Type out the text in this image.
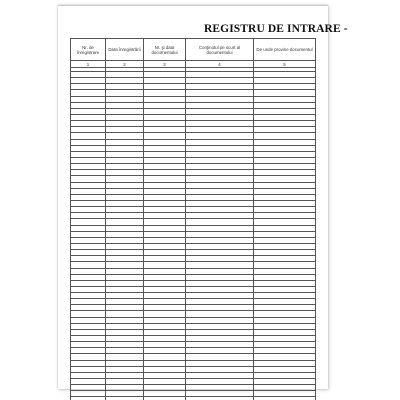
REGISTRU DE INTRARE -
Nr. de înregistrare	Data înregistrării	Nr. şi data documentului	Conţinutul pe scurt al documentului	De unde provine documentul
1	2	3	4	5
